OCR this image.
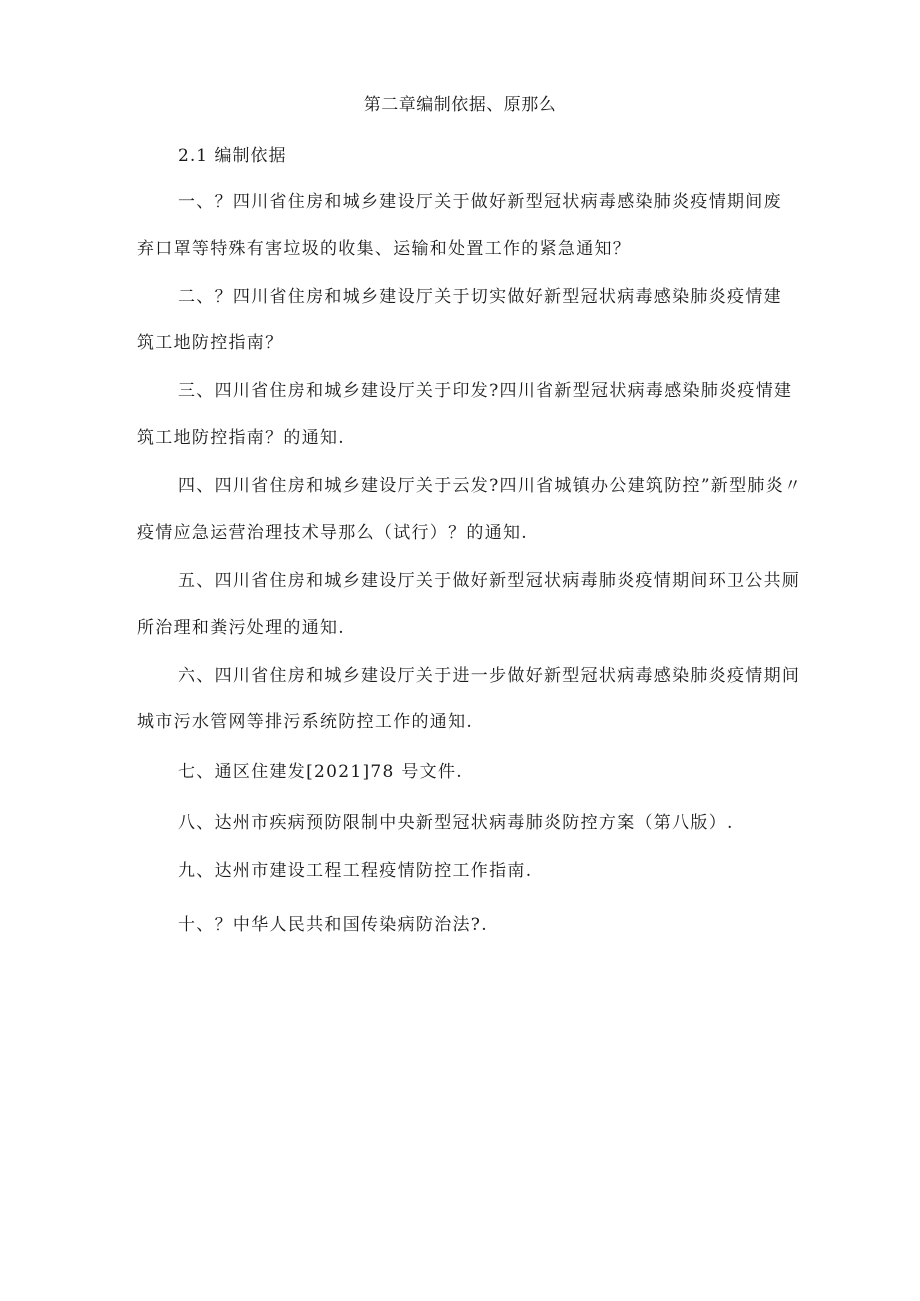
第二章编制依据、原那么
2.1 编制依据
一、？四川省住房和城乡建设厅关于做好新型冠状病毒感染肺炎疫情期间废
弃口罩等特殊有害垃圾的收集、运输和处置工作的紧急通知？
二、？四川省住房和城乡建设厅关于切实做好新型冠状病毒感染肺炎疫情建
筑工地防控指南？
三、四川省住房和城乡建设厅关于印发?四川省新型冠状病毒感染肺炎疫情建
筑工地防控指南？的通知.
四、四川省住房和城乡建设厅关于云发?四川省城镇办公建筑防控”新型肺炎〃
疫情应急运营治理技术导那么（试行）？的通知.
五、四川省住房和城乡建设厅关于做好新型冠状病毒肺炎疫情期间环卫公共厕
所治理和粪污处理的通知.
六、四川省住房和城乡建设厅关于进一步做好新型冠状病毒感染肺炎疫情期间
城市污水管网等排污系统防控工作的通知.
七、通区住建发[2021]78 号文件.
八、达州市疾病预防限制中央新型冠状病毒肺炎防控方案（第八版）.
九、达州市建设工程工程疫情防控工作指南.
十、？中华人民共和国传染病防治法?.
